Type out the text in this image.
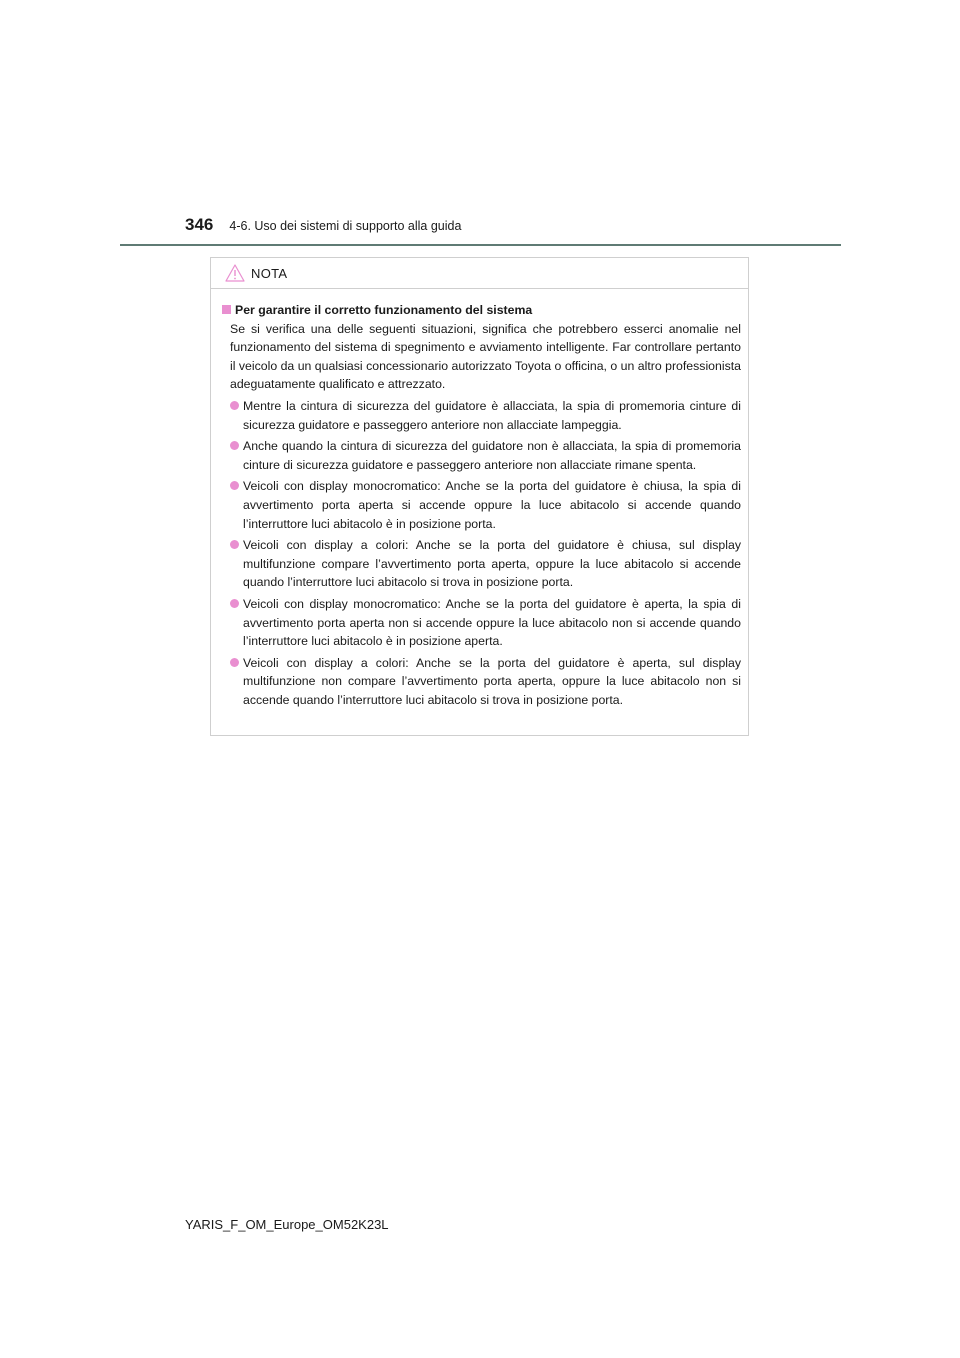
346 4-6. Uso dei sistemi di supporto alla guida
NOTA
Per garantire il corretto funzionamento del sistema
Se si verifica una delle seguenti situazioni, significa che potrebbero esserci anomalie nel funzionamento del sistema di spegnimento e avviamento intelligente. Far controllare pertanto il veicolo da un qualsiasi concessionario autorizzato Toyota o officina, o un altro professionista adeguatamente qualificato e attrezzato.
Mentre la cintura di sicurezza del guidatore è allacciata, la spia di promemoria cinture di sicurezza guidatore e passeggero anteriore non allacciate lampeggia.
Anche quando la cintura di sicurezza del guidatore non è allacciata, la spia di promemoria cinture di sicurezza guidatore e passeggero anteriore non allacciate rimane spenta.
Veicoli con display monocromatico: Anche se la porta del guidatore è chiusa, la spia di avvertimento porta aperta si accende oppure la luce abitacolo si accende quando l’interruttore luci abitacolo è in posizione porta.
Veicoli con display a colori: Anche se la porta del guidatore è chiusa, sul display multifunzione compare l’avvertimento porta aperta, oppure la luce abitacolo si accende quando l’interruttore luci abitacolo si trova in posizione porta.
Veicoli con display monocromatico: Anche se la porta del guidatore è aperta, la spia di avvertimento porta aperta non si accende oppure la luce abitacolo non si accende quando l’interruttore luci abitacolo è in posizione aperta.
Veicoli con display a colori: Anche se la porta del guidatore è aperta, sul display multifunzione non compare l’avvertimento porta aperta, oppure la luce abitacolo non si accende quando l’interruttore luci abitacolo si trova in posizione porta.
YARIS_F_OM_Europe_OM52K23L
